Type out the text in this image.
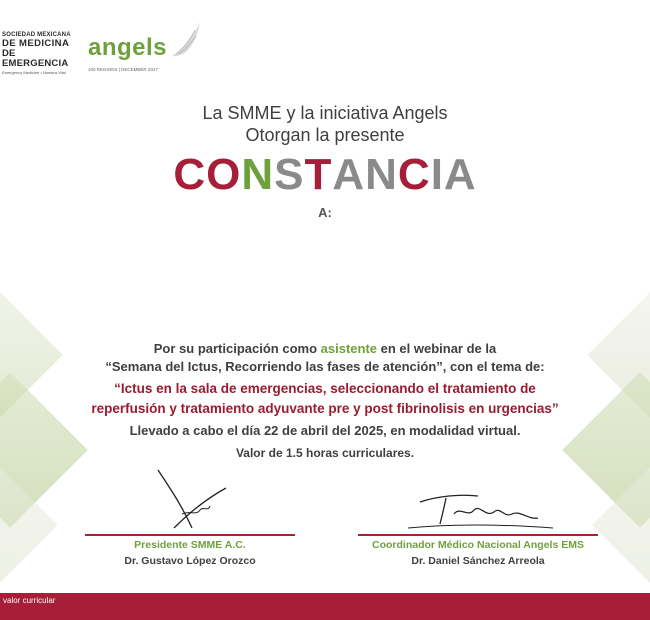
SOCIEDAD MEXICANA
DE MEDICINA
DE EMERGENCIA
Emergency Medicine • Nuestra Vital
angels
100 REGIONS | DECEMBER 2027
La SMME y la iniciativa Angels
Otorgan la presente
CONSTANCIA
A:
Por su participación como asistente en el webinar de la
“Semana del Ictus, Recorriendo las fases de atención”, con el tema de:
“Ictus en la sala de emergencias, seleccionando el tratamiento de
reperfusión y tratamiento adyuvante pre y post fibrinolisis en urgencias”
Llevado a cabo el día 22 de abril del 2025, en modalidad virtual.
Valor de 1.5 horas curriculares.
Presidente SMME A.C.
Dr. Gustavo López Orozco
Coordinador Médico Nacional Angels EMS
Dr. Daniel Sánchez Arreola
valor curricular
